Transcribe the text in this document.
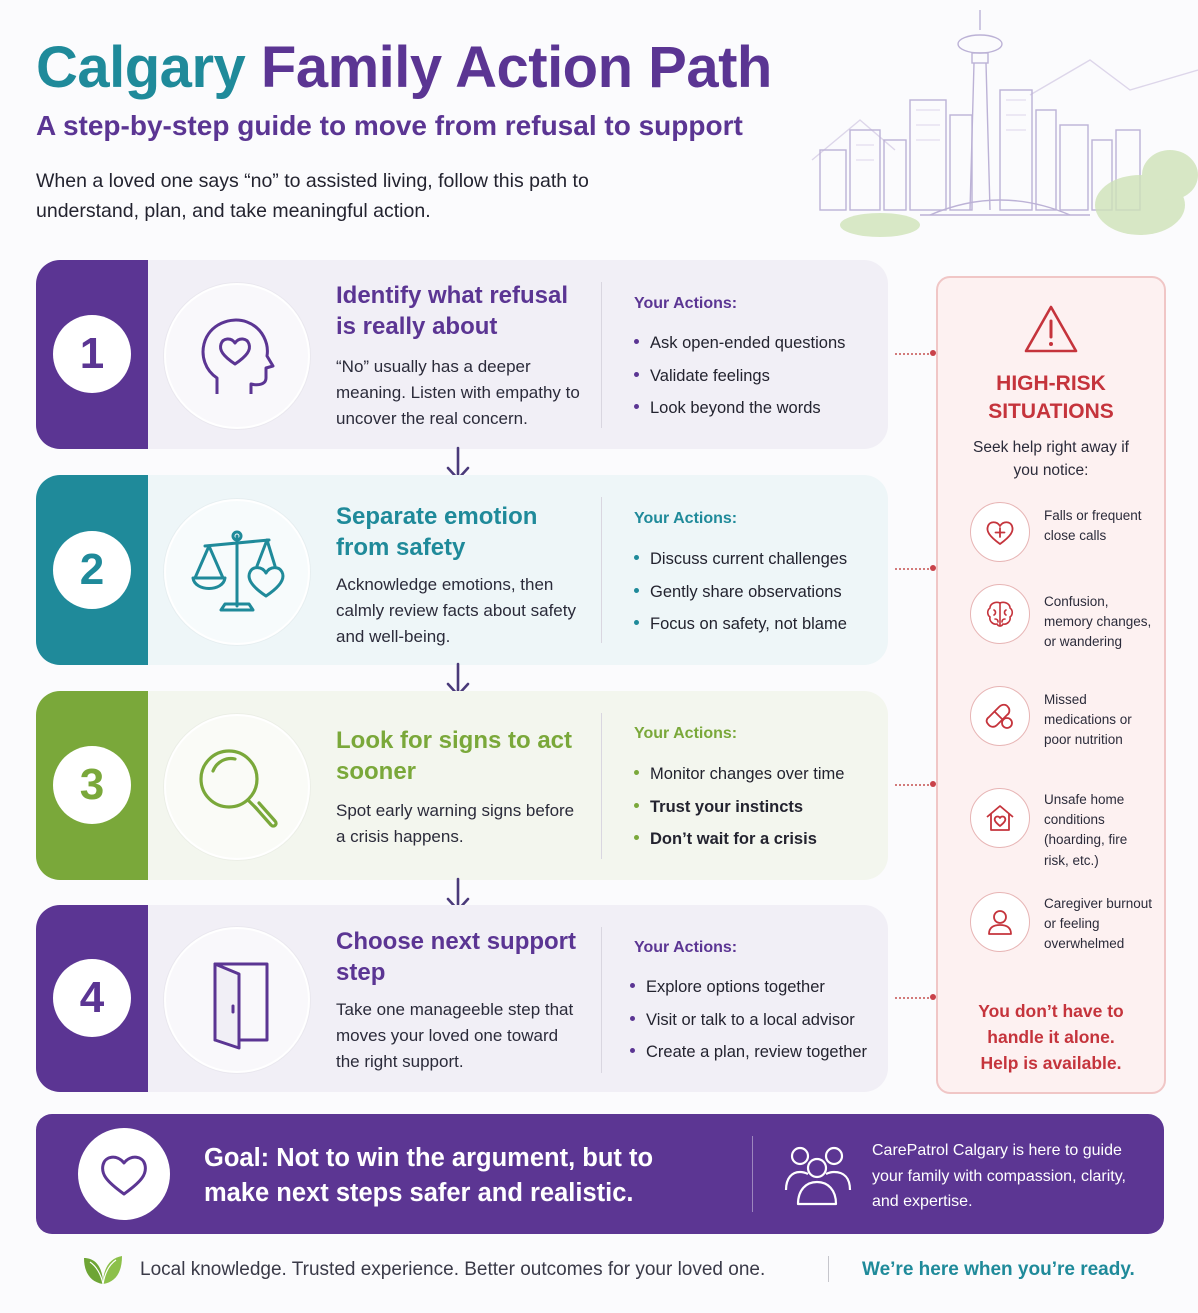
Calgary Family Action Path
A step-by-step guide to move from refusal to support
When a loved one says “no” to assisted living, follow this path to understand, plan, and take meaningful action.
1
Identify what refusal is really about
“No” usually has a deeper meaning. Listen with empathy to uncover the real concern.
Your Actions:
Ask open-ended questions
Validate feelings
Look beyond the words
2
Separate emotion from safety
Acknowledge emotions, then calmly review facts about safety and well-being.
Your Actions:
Discuss current challenges
Gently share observations
Focus on safety, not blame
3
Look for signs to act sooner
Spot early warning signs before a crisis happens.
Your Actions:
Monitor changes over time
Trust your instincts
Don’t wait for a crisis
4
Choose next support step
Take one manageeble step that moves your loved one toward the right support.
Your Actions:
Explore options together
Visit or talk to a local advisor
Create a plan, review together
HIGH-RISK SITUATIONS
Seek help right away if you notice:
Falls or frequent close calls
Confusion, memory changes, or wandering
Missed medications or poor nutrition
Unsafe home conditions (hoarding, fire risk, etc.)
Caregiver burnout or feeling overwhelmed
You don’t have to handle it alone. Help is available.
Goal: Not to win the argument, but to make next steps safer and realistic.
CarePatrol Calgary is here to guide your family with compassion, clarity, and expertise.
Local knowledge. Trusted experience. Better outcomes for your loved one.	We’re here when you’re ready.
